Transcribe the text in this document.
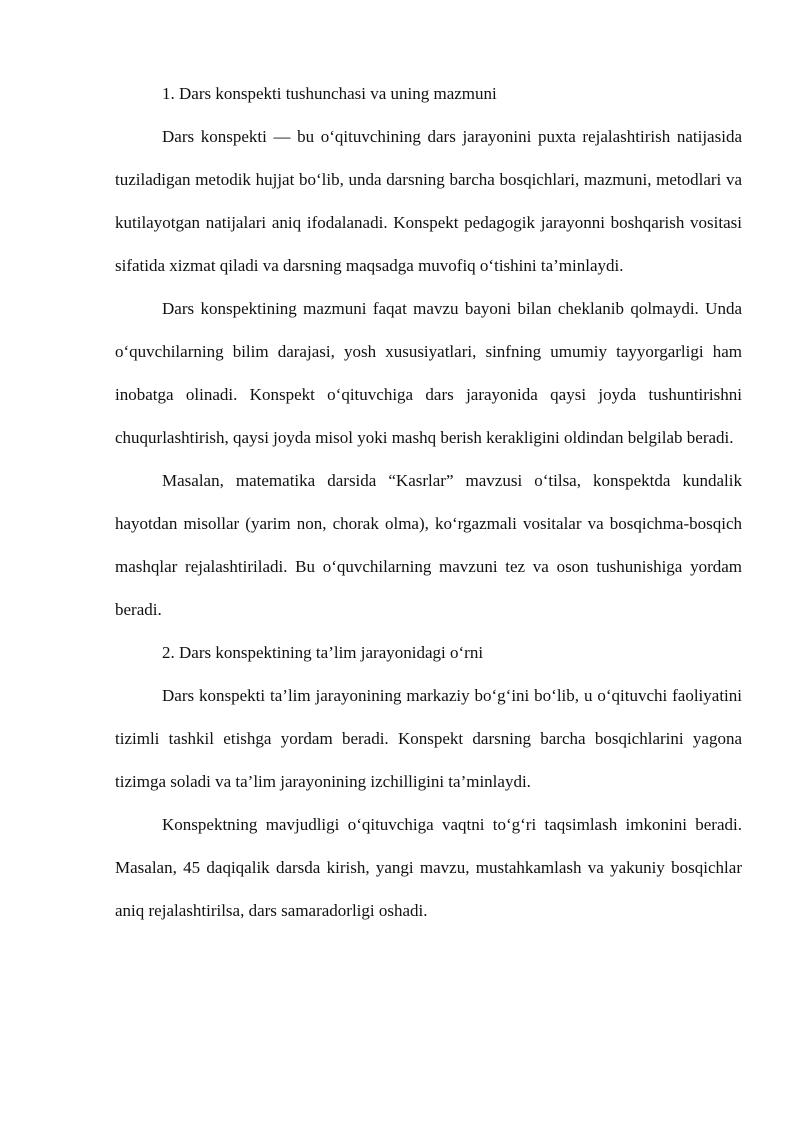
1. Dars konspekti tushunchasi va uning mazmuni

Dars konspekti — bu o‘qituvchining dars jarayonini puxta rejalashtirish natijasida tuziladigan metodik hujjat bo‘lib, unda darsning barcha bosqichlari, mazmuni, metodlari va kutilayotgan natijalari aniq ifodalanadi. Konspekt pedagogik jarayonni boshqarish vositasi sifatida xizmat qiladi va darsning maqsadga muvofiq o‘tishini ta’minlaydi.

Dars konspektining mazmuni faqat mavzu bayoni bilan cheklanib qolmaydi. Unda o‘quvchilarning bilim darajasi, yosh xususiyatlari, sinfning umumiy tayyorgarligi ham inobatga olinadi. Konspekt o‘qituvchiga dars jarayonida qaysi joyda tushuntirishni chuqurlashtirish, qaysi joyda misol yoki mashq berish kerakligini oldindan belgilab beradi.

Masalan, matematika darsida “Kasrlar” mavzusi o‘tilsa, konspektda kundalik hayotdan misollar (yarim non, chorak olma), ko‘rgazmali vositalar va bosqichma-bosqich mashqlar rejalashtiriladi. Bu o‘quvchilarning mavzuni tez va oson tushunishiga yordam beradi.

2. Dars konspektining ta’lim jarayonidagi o‘rni

Dars konspekti ta’lim jarayonining markaziy bo‘g‘ini bo‘lib, u o‘qituvchi faoliyatini tizimli tashkil etishga yordam beradi. Konspekt darsning barcha bosqichlarini yagona tizimga soladi va ta’lim jarayonining izchilligini ta’minlaydi.

Konspektning mavjudligi o‘qituvchiga vaqtni to‘g‘ri taqsimlash imkonini beradi. Masalan, 45 daqiqalik darsda kirish, yangi mavzu, mustahkamlash va yakuniy bosqichlar aniq rejalashtirilsa, dars samaradorligi oshadi.
